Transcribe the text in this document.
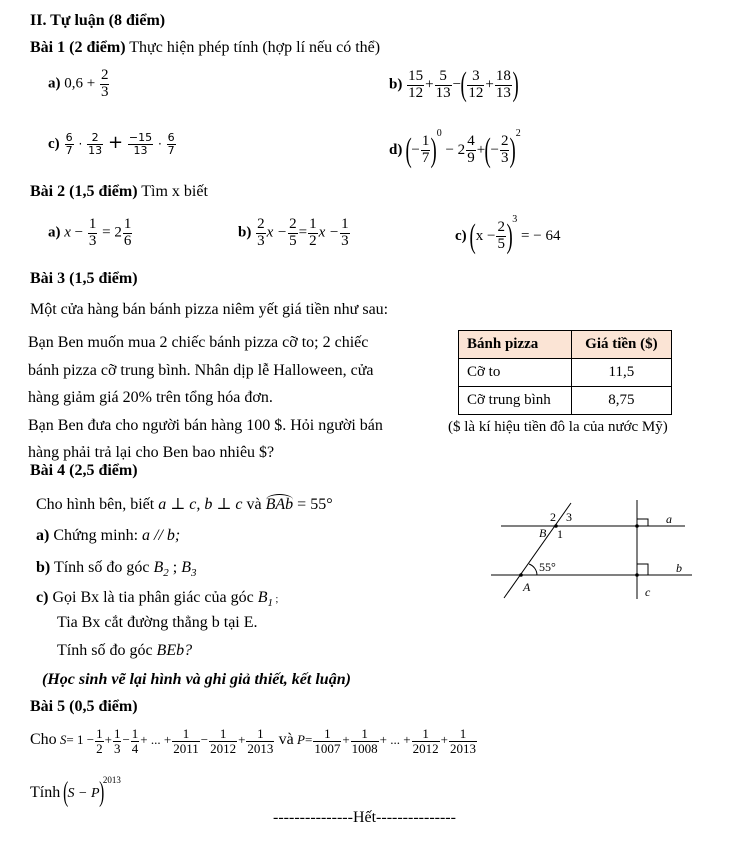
II. Tự luận (8 điểm)
Bài 1 (2 điểm) Thực hiện phép tính (hợp lí nếu có thể)
a) $0,6 + \frac{2}{3}$	$b) \frac{15}{12} + \frac{5}{13}$ −( $\frac{3}{12} + \frac{18}{13}$ )
$c) \frac{6}{7} \cdot \frac{2}{13} + \frac{-15}{13} \cdot \frac{6}{7}$	d) (− $\frac{1}{7} )^0 - 2 \frac{4}{9}$ +(− $\frac{2}{3} )^2$
Bài 2 (1,5 điểm) Tìm x biết
a) $x - \frac{1}{3} = 2 \frac{1}{6}$	$b) \frac{2}{3}$ $x - \frac{2}{5} = \frac{1}{2}$ $x - \frac{1}{3}$	c) $(x - \frac{2}{5} )^3$ = − 64
Bài 3 (1,5 điểm)
Một cửa hàng bán bánh pizza niêm yết giá tiền như sau:
Bạn Ben muốn mua 2 chiếc bánh pizza cỡ to; 2 chiếc
bánh pizza cỡ trung bình. Nhân dịp lễ Halloween, cửa
hàng giảm giá 20% trên tổng hóa đơn.
Bạn Ben đưa cho người bán hàng 100 $. Hỏi người bán
hàng phải trả lại cho Ben bao nhiêu $?
Bánh pizza	Giá tiền ($)
Cỡ to	11,5
Cỡ trung bình	8,75
($ là kí hiệu tiền đô la của nước Mỹ)
Bài 4 (2,5 điểm)
Cho hình bên, biết a ⊥ c, b ⊥ c và BAb = 55°
a) Chứng minh: a // b;
b) Tính số đo góc $B_2$ ; $B_3$
c) Gọi Bx là tia phân giác của góc $B_1$ ;
Tia Bx cắt đường thẳng b tại E.
Tính số đo góc BEb?
(Học sinh vẽ lại hình và ghi giả thiết, kết luận)
2 3
B 1
55°
A
a
b
c
Bài 5 (0,5 điểm)
Cho $S= 1 - \frac{1}{2} + \frac{1}{3} - \frac{1}{4}$ + ... + $\frac{1}{2011} - \frac{1}{2012} + \frac{1}{2013}$ và $P= \frac{1}{1007} + \frac{1}{1008}$ + ... + $\frac{1}{2012} + \frac{1}{2013}$
Tính $(S - P)^{2013}$
---------------Hết---------------
